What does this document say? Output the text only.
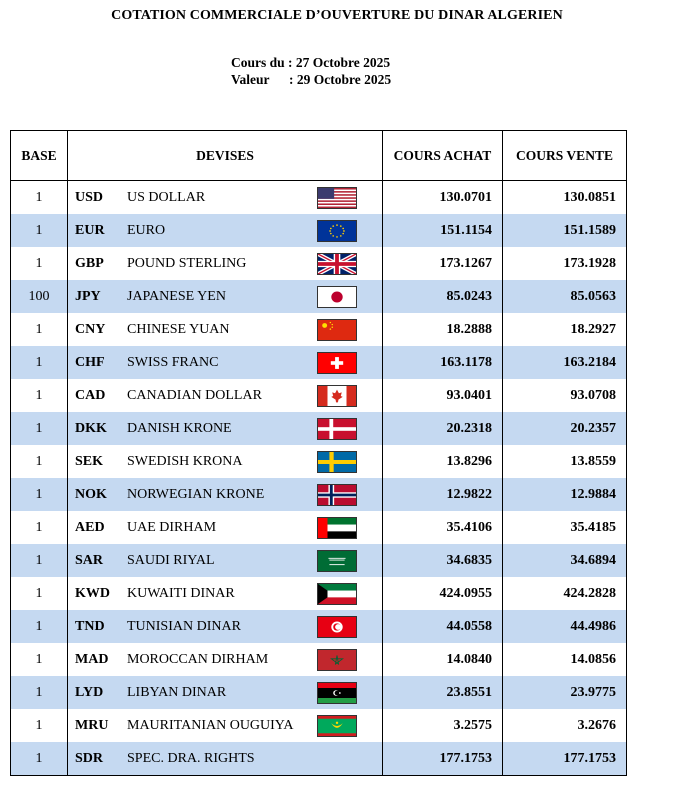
COTATION COMMERCIALE D’OUVERTURE DU DINAR ALGERIEN
Cours du :
27 Octobre 2025
Valeur	: 29 Octobre 2025
BASE	DEVISES	COURS ACHAT	COURS VENTE
1	USD US DOLLAR	130.0701	130.0851
1	EUR EURO	151.1154	151.1589
1	GBP POUND STERLING	173.1267	173.1928
100	JPY JAPANESE YEN	85.0243	85.0563
1	CNY CHINESE YUAN	18.2888	18.2927
1	CHF SWISS FRANC	163.1178	163.2184
1	CAD CANADIAN DOLLAR	93.0401	93.0708
1	DKK DANISH KRONE	20.2318	20.2357
1	SEK SWEDISH KRONA	13.8296	13.8559
1	NOK NORWEGIAN KRONE	12.9822	12.9884
1	AED UAE DIRHAM	35.4106	35.4185
1	SAR SAUDI RIYAL	34.6835	34.6894
1	KWD KUWAITI DINAR	424.0955	424.2828
1	TND TUNISIAN DINAR	44.0558	44.4986
1	MAD MOROCCAN DIRHAM	14.0840	14.0856
1	LYD LIBYAN DINAR	23.8551	23.9775
1	MRU MAURITANIAN OUGUIYA	3.2575	3.2676
1	SDR SPEC. DRA. RIGHTS	177.1753	177.1753
